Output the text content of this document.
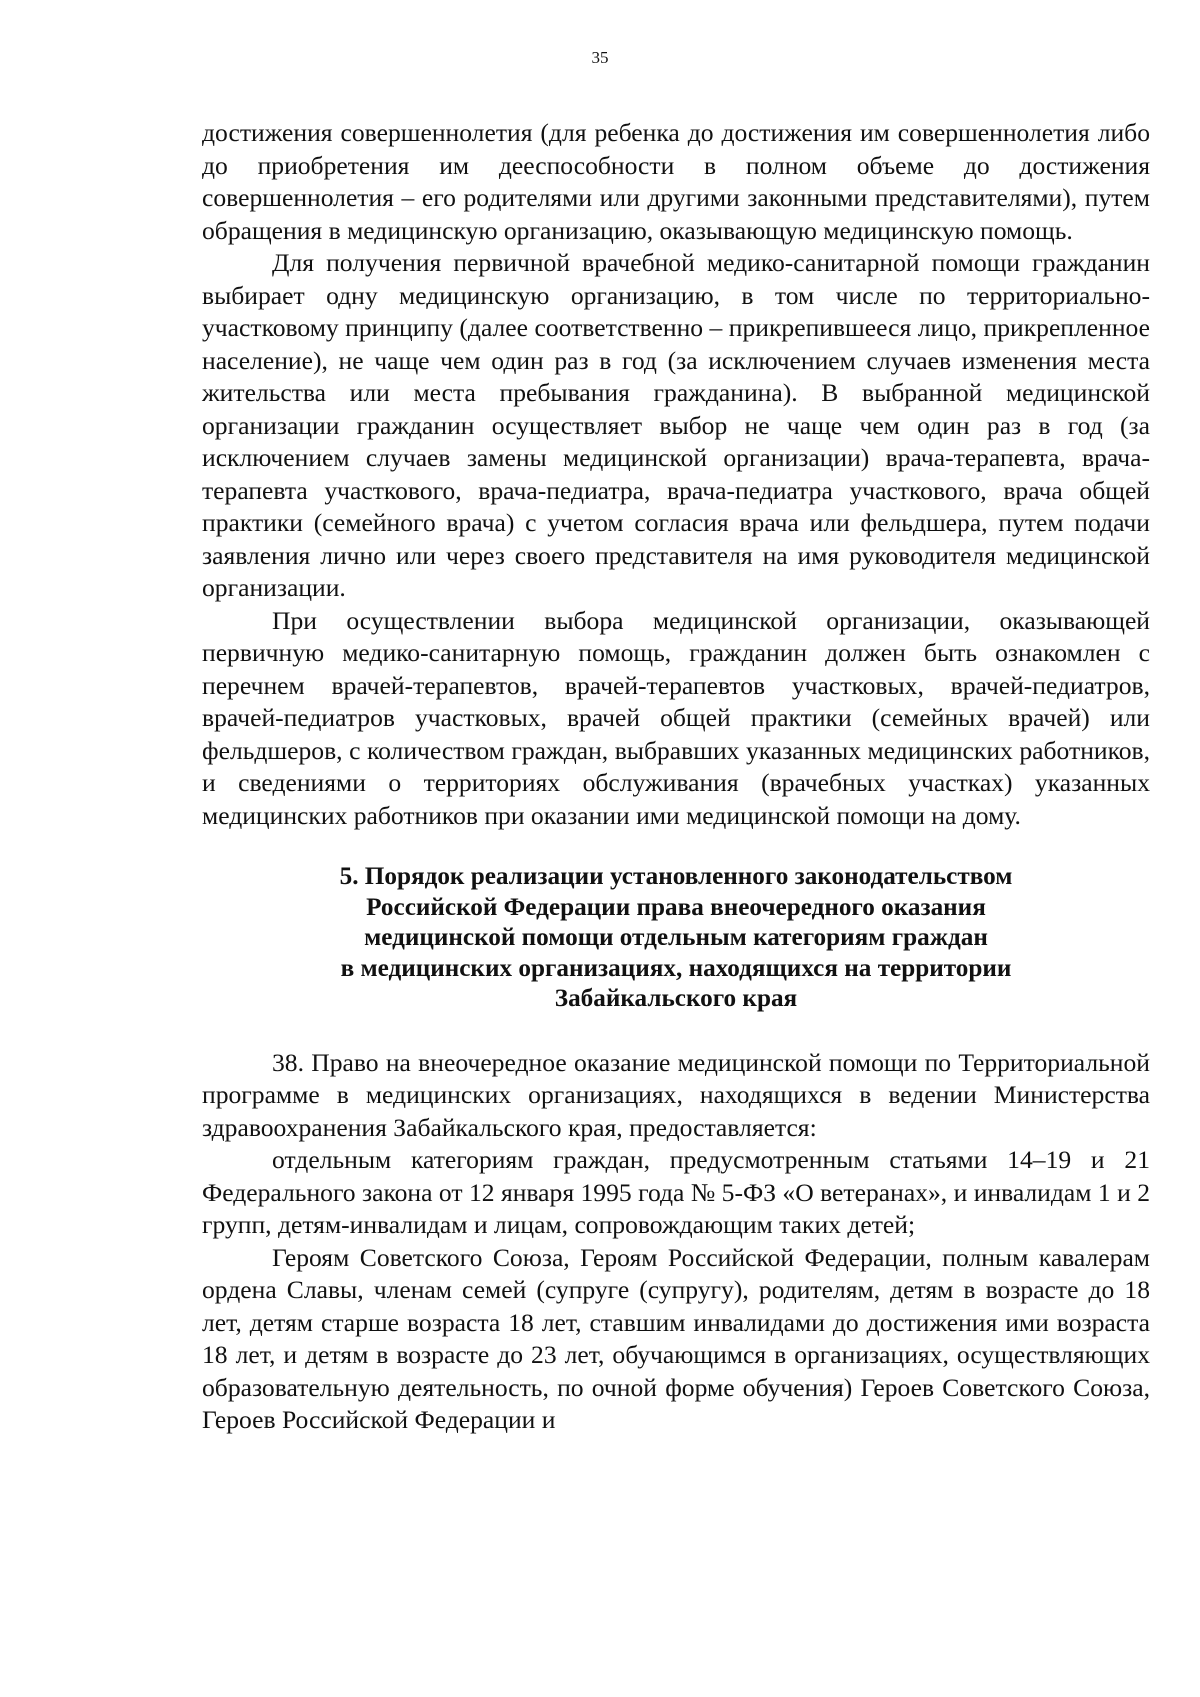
35

достижения совершеннолетия (для ребенка до достижения им совершеннолетия либо до приобретения им дееспособности в полном объеме до достижения совершеннолетия – его родителями или другими законными представителями), путем обращения в медицинскую организацию, оказывающую медицинскую помощь.

Для получения первичной врачебной медико-санитарной помощи гражданин выбирает одну медицинскую организацию, в том числе по территориально-участковому принципу (далее соответственно – прикрепившееся лицо, прикрепленное население), не чаще чем один раз в год (за исключением случаев изменения места жительства или места пребывания гражданина). В выбранной медицинской организации гражданин осуществляет выбор не чаще чем один раз в год (за исключением случаев замены медицинской организации) врача-терапевта, врача-терапевта участкового, врача-педиатра, врача-педиатра участкового, врача общей практики (семейного врача) с учетом согласия врача или фельдшера, путем подачи заявления лично или через своего представителя на имя руководителя медицинской организации.

При осуществлении выбора медицинской организации, оказывающей первичную медико-санитарную помощь, гражданин должен быть ознакомлен с перечнем врачей-терапевтов, врачей-терапевтов участковых, врачей-педиатров, врачей-педиатров участковых, врачей общей практики (семейных врачей) или фельдшеров, с количеством граждан, выбравших указанных медицинских работников, и сведениями о территориях обслуживания (врачебных участках) указанных медицинских работников при оказании ими медицинской помощи на дому.

5. Порядок реализации установленного законодательством
Российской Федерации права внеочередного оказания
медицинской помощи отдельным категориям граждан
в медицинских организациях, находящихся на территории
Забайкальского края

38. Право на внеочередное оказание медицинской помощи по Территориальной программе в медицинских организациях, находящихся в ведении Министерства здравоохранения Забайкальского края, предоставляется:

отдельным категориям граждан, предусмотренным статьями 14–19 и 21 Федерального закона от 12 января 1995 года № 5-ФЗ «О ветеранах», и инвалидам 1 и 2 групп, детям-инвалидам и лицам, сопровождающим таких детей;

Героям Советского Союза, Героям Российской Федерации, полным кавалерам ордена Славы, членам семей (супруге (супругу), родителям, детям в возрасте до 18 лет, детям старше возраста 18 лет, ставшим инвалидами до достижения ими возраста 18 лет, и детям в возрасте до 23 лет, обучающимся в организациях, осуществляющих образовательную деятельность, по очной форме обучения) Героев Советского Союза, Героев Российской Федерации и
